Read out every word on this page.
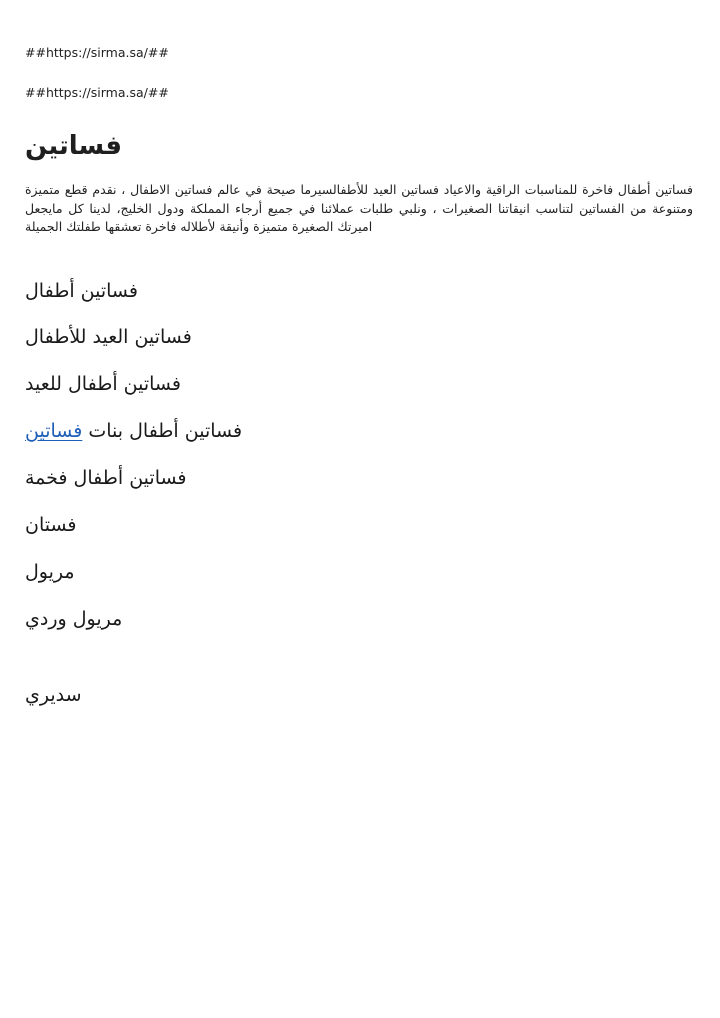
##https://sirma.sa/##
##https://sirma.sa/##
فساتين

فساتين أطفال فاخرة للمناسبات الراقية والاعياد فساتين العيد للأطفالسيرما صيحة في عالم فساتين الاطفال ، نقدم قطع متميزة ومتنوعة من الفساتين لتناسب انيقاتنا الصغيرات ، ونلبي طلبات عملائنا في جميع أرجاء المملكة ودول الخليج، لدينا كل مايجعل اميرتك الصغيرة متميزة وأنيقة لأطلاله فاخرة تعشقها طفلتك الجميلة

فساتين أطفال
فساتين العيد للأطفال
فساتين أطفال للعيد
فساتين أطفال بنات فساتين
فساتين أطفال فخمة
فستان
مريول
مريول وردي
سديري
